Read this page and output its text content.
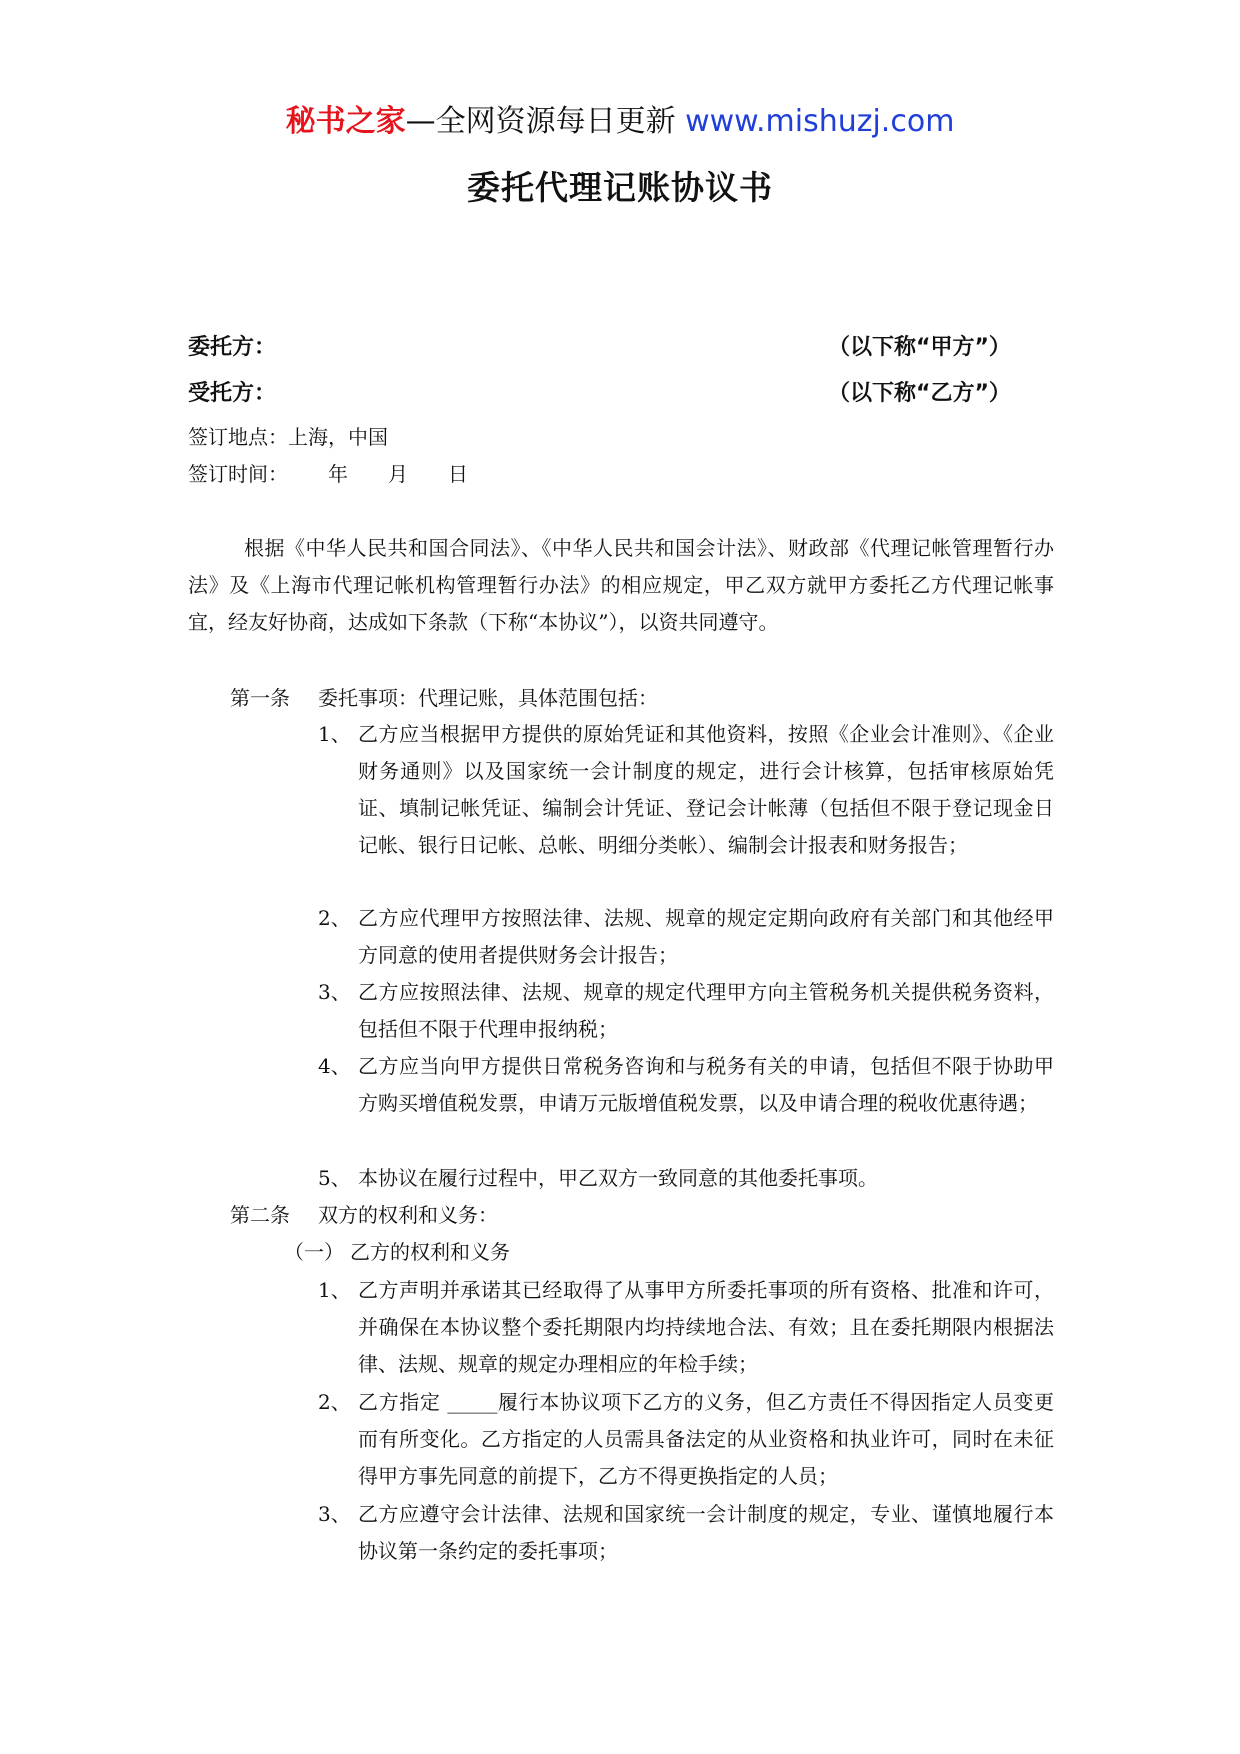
秘书之家—全网资源每日更新 www.mishuzj.com
委托代理记账协议书
委托方：	（以下称“甲方”）
受托方：	（以下称“乙方”）
签订地点：上海，中国
签订时间： 年 月 日

根据《中华人民共和国合同法》、《中华人民共和国会计法》、财政部《代理记帐管理暂行办法》及《上海市代理记帐机构管理暂行办法》的相应规定，甲乙双方就甲方委托乙方代理记帐事宜，经友好协商，达成如下条款（下称“本协议”），以资共同遵守。

第一条 委托事项：代理记账，具体范围包括：
1、 乙方应当根据甲方提供的原始凭证和其他资料，按照《企业会计准则》、《企业财务通则》以及国家统一会计制度的规定，进行会计核算，包括审核原始凭证、填制记帐凭证、编制会计凭证、登记会计帐薄（包括但不限于登记现金日记帐、银行日记帐、总帐、明细分类帐）、编制会计报表和财务报告；
2、 乙方应代理甲方按照法律、法规、规章的规定定期向政府有关部门和其他经甲方同意的使用者提供财务会计报告；
3、 乙方应按照法律、法规、规章的规定代理甲方向主管税务机关提供税务资料，包括但不限于代理申报纳税；
4、 乙方应当向甲方提供日常税务咨询和与税务有关的申请，包括但不限于协助甲方购买增值税发票，申请万元版增值税发票，以及申请合理的税收优惠待遇；
5、 本协议在履行过程中，甲乙双方一致同意的其他委托事项。
第二条 双方的权利和义务：
（一） 乙方的权利和义务
1、 乙方声明并承诺其已经取得了从事甲方所委托事项的所有资格、批准和许可，并确保在本协议整个委托期限内均持续地合法、有效；且在委托期限内根据法律、法规、规章的规定办理相应的年检手续；
2、 乙方指定 _____履行本协议项下乙方的义务，但乙方责任不得因指定人员变更而有所变化。乙方指定的人员需具备法定的从业资格和执业许可，同时在未征得甲方事先同意的前提下，乙方不得更换指定的人员；
3、 乙方应遵守会计法律、法规和国家统一会计制度的规定，专业、谨慎地履行本协议第一条约定的委托事项；
